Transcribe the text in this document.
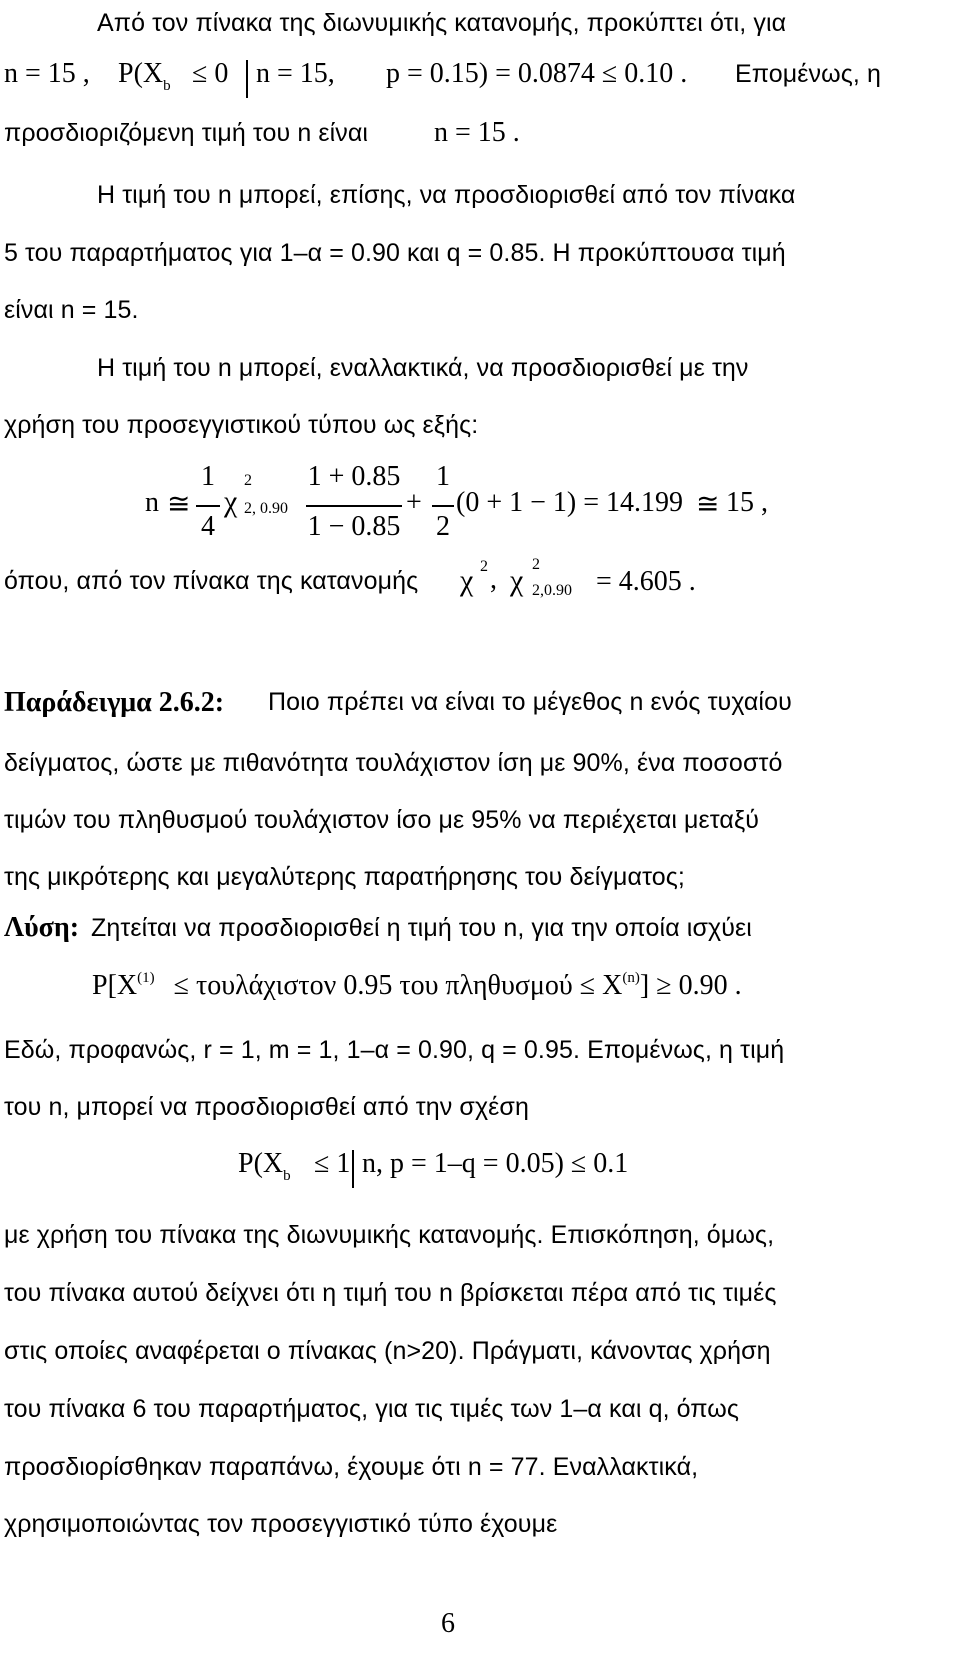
Από τον πίνακα της διωνυμικής κατανομής, προκύπτει ότι, για
n = 15 , $P(X_b \le 0$ n = 15, p = 0.15) = 0.0874 ≤ 0.10 . Επομένως, η
προσδιοριζόμενη τιμή του n είναι n = 15 .
Η τιμή του n μπορεί, επίσης, να προσδιορισθεί από τον πίνακα
5 του παραρτήματος για 1–α = 0.90 και q = 0.85. Η προκύπτουσα τιμή
είναι n = 15.
Η τιμή του n μπορεί, εναλλακτικά, να προσδιορισθεί με την
χρήση του προσεγγιστικού τύπου ως εξής:
n ≅
1
4
χ
2
2, 0.90
1 + 0.85
1 − 0.85
+
1
2
(0 + 1 − 1) = 14.199 ≅ 15 ,
όπου, από τον πίνακα της κατανομής χ 2 , χ 2
2,0.90 = 4.605 .
Παράδειγμα 2.6.2: Ποιο πρέπει να είναι το μέγεθος n ενός τυχαίου
δείγματος, ώστε με πιθανότητα τουλάχιστον ίση με 90%, ένα ποσοστό
τιμών του πληθυσμού τουλάχιστον ίσο με 95% να περιέχεται μεταξύ
της μικρότερης και μεγαλύτερης παρατήρησης του δείγματος;
Λύση: Ζητείται να προσδιορισθεί η τιμή του n, για την οποία ισχύει
$P[X^{(1)} \le \tau o\upsilon\lambda ά\chi\iota\sigma\tau o\nu$ 0.95 του $\pi\lambda\eta\theta\upsilon\sigma\mu oύ \le X^{(n)}] \ge 0.90$ .
Εδώ, προφανώς, r = 1, m = 1, 1–α = 0.90, q = 0.95. Επομένως, η τιμή
του n, μπορεί να προσδιορισθεί από την σχέση
$P(X_b \le 1$ n, p = 1–q = 0.05) ≤ 0.1
με χρήση του πίνακα της διωνυμικής κατανομής. Επισκόπηση, όμως,
του πίνακα αυτού δείχνει ότι η τιμή του n βρίσκεται πέρα από τις τιμές
στις οποίες αναφέρεται ο πίνακας (n>20). Πράγματι, κάνοντας χρήση
του πίνακα 6 του παραρτήματος, για τις τιμές των 1–α και q, όπως
προσδιορίσθηκαν παραπάνω, έχουμε ότι n = 77. Εναλλακτικά,
χρησιμοποιώντας τον προσεγγιστικό τύπο έχουμε
6
